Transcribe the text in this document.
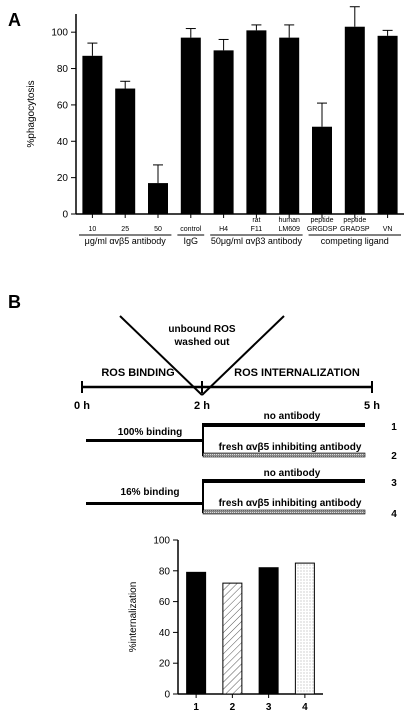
A
B
0
20
40
60
80
100
%phagocytosis
10	25	50	control	H4
rat F11
human LM609
peptide GRGDSP
peptide GRADSP VN
μg/ml αvβ5 antibody IgG 50μg/ml αvβ3 antibody competing ligand
unbound ROS
washed out
ROS BINDING	ROS INTERNALIZATION
0 h	2 h	5 h
100% binding
no antibody
fresh αvβ5 inhibiting antibody
1
2
no antibody
16% binding
fresh αvβ5 inhibiting antibody
3
4
0
20
40
60
80
100
%internalization
1	2	3	4
